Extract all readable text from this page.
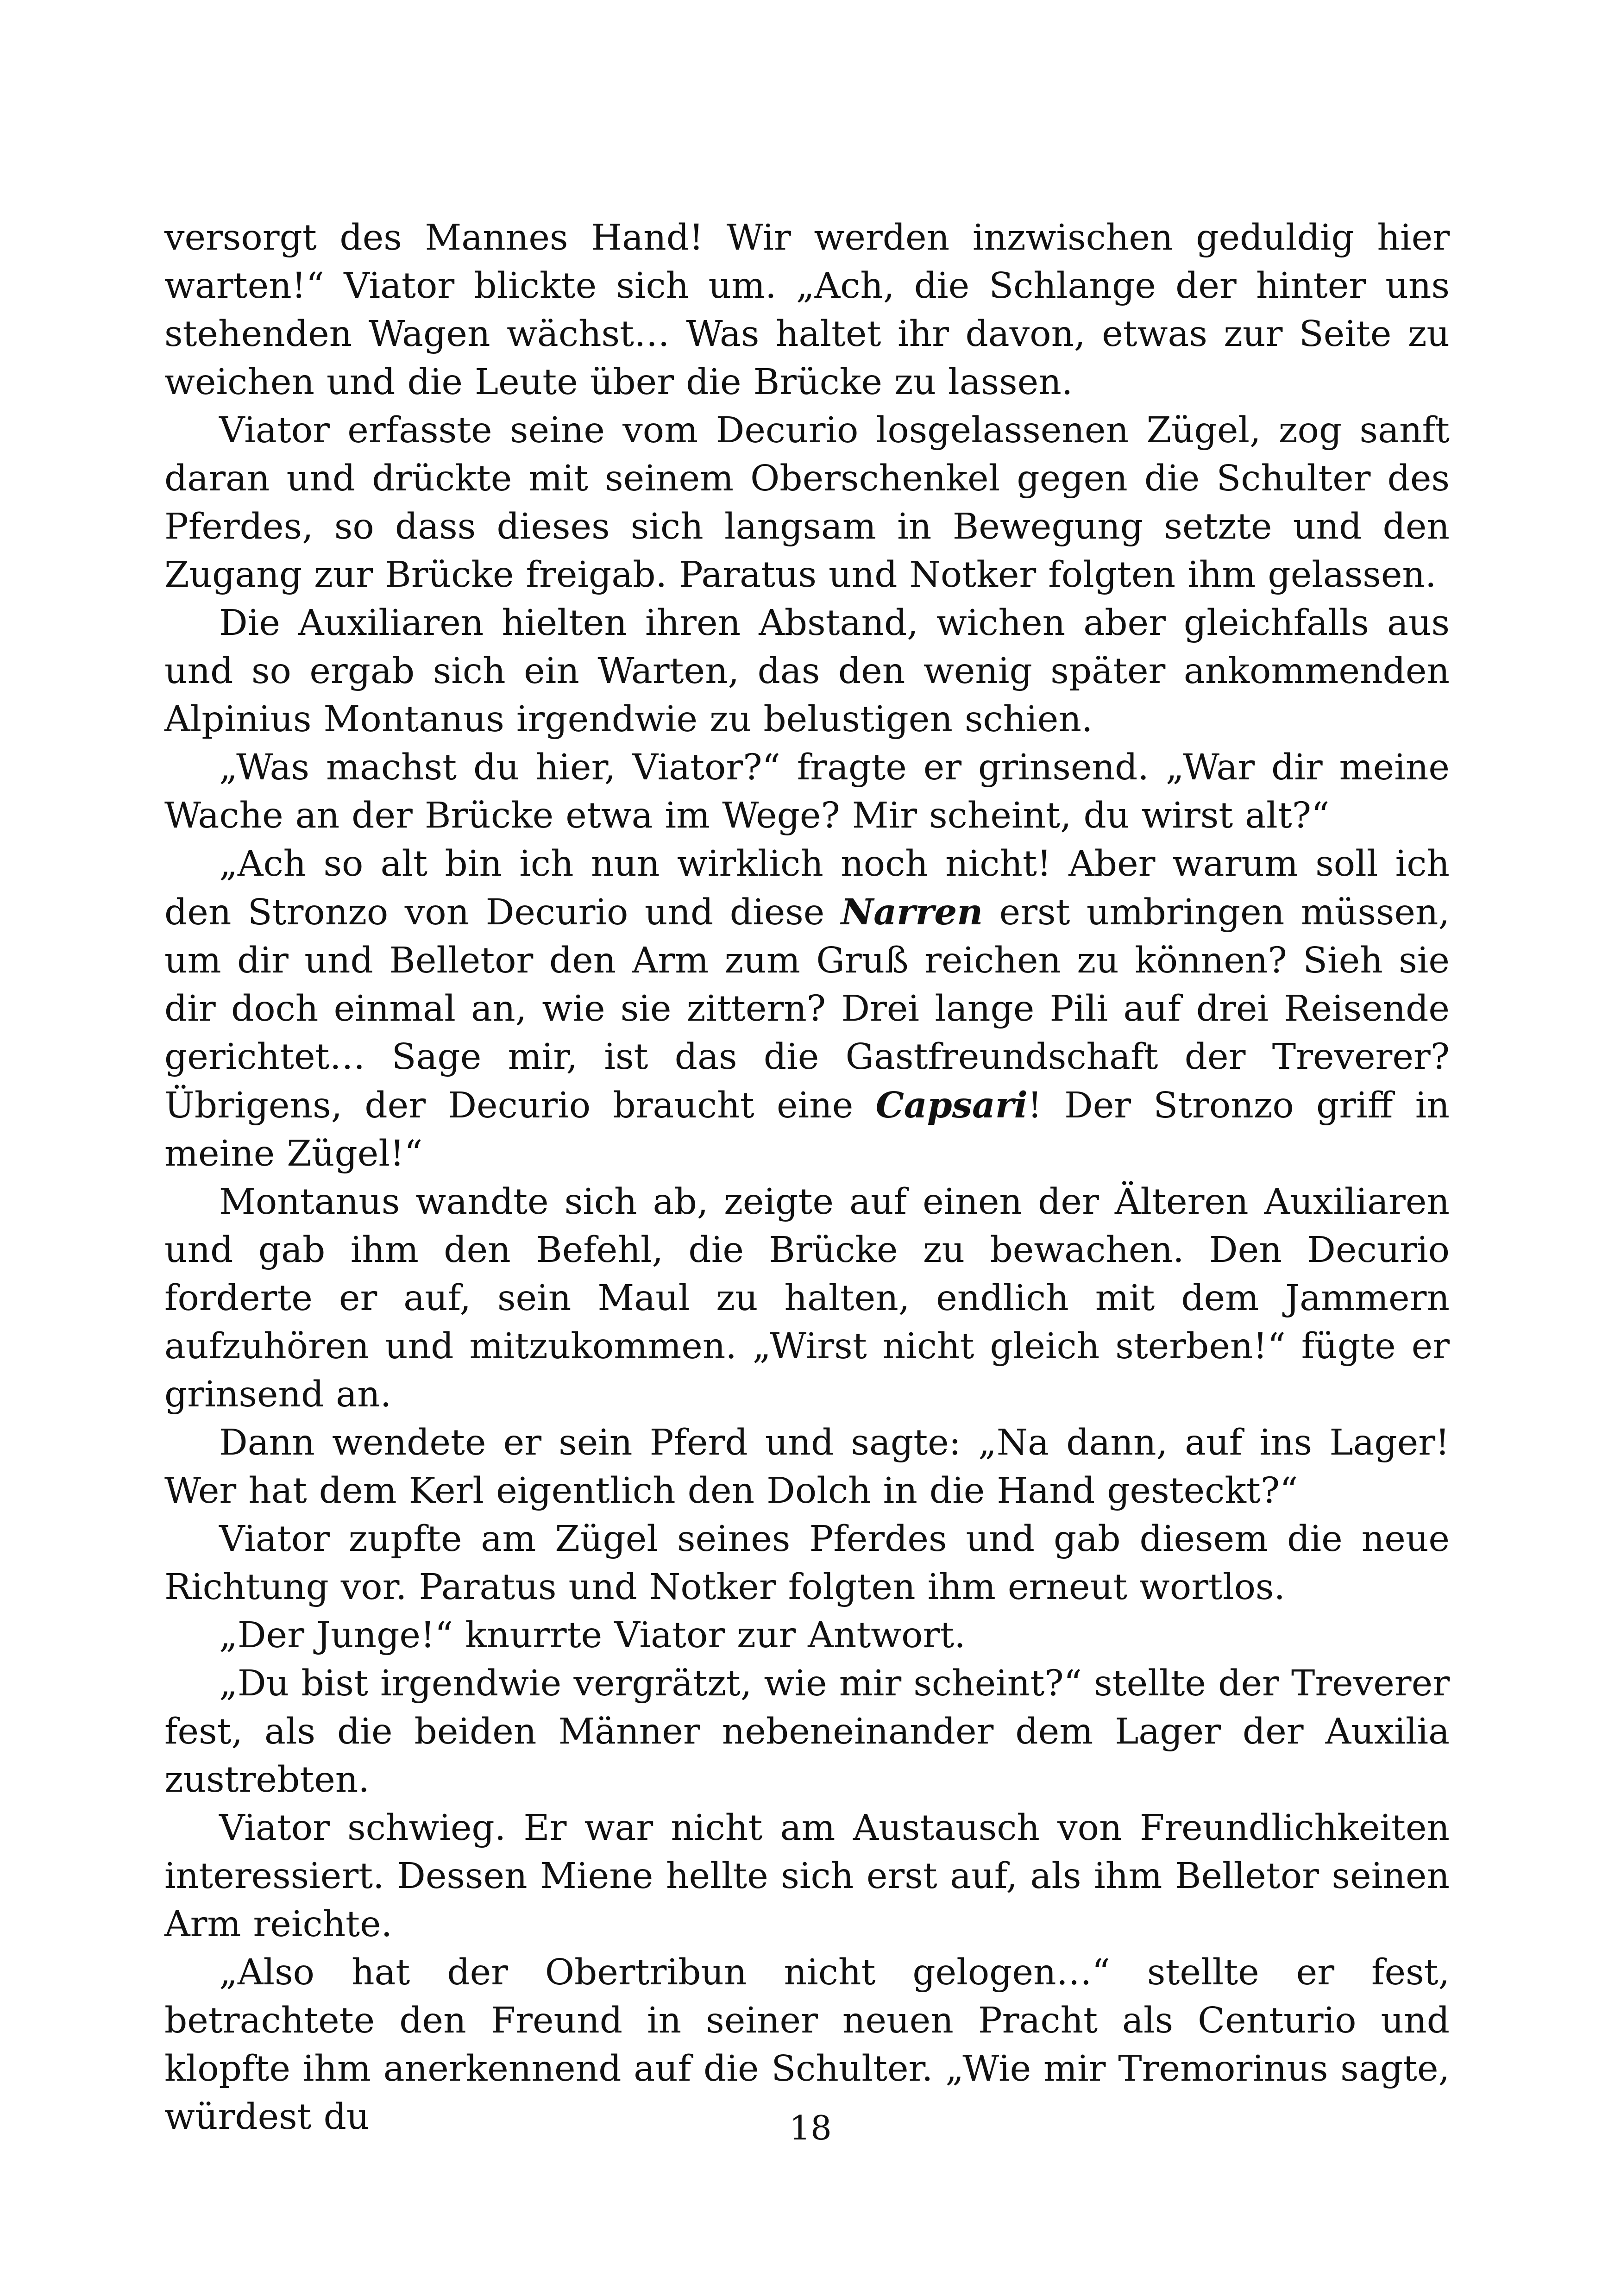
versorgt des Mannes Hand! Wir werden inzwischen geduldig hier warten!“ Viator blickte sich um. „Ach, die Schlange der hinter uns stehenden Wagen wächst… Was haltet ihr davon, etwas zur Seite zu weichen und die Leute über die Brücke zu lassen.

Viator erfasste seine vom Decurio losgelassenen Zügel, zog sanft daran und drückte mit seinem Oberschenkel gegen die Schulter des Pferdes, so dass dieses sich langsam in Bewegung setzte und den Zugang zur Brücke freigab. Paratus und Notker folgten ihm gelassen.

Die Auxiliaren hielten ihren Abstand, wichen aber gleichfalls aus und so ergab sich ein Warten, das den wenig später ankommenden Alpinius Montanus irgendwie zu belustigen schien.

„Was machst du hier, Viator?“ fragte er grinsend. „War dir meine Wache an der Brücke etwa im Wege? Mir scheint, du wirst alt?“

„Ach so alt bin ich nun wirklich noch nicht! Aber warum soll ich den Stronzo von Decurio und diese Narren erst umbringen müssen, um dir und Belletor den Arm zum Gruß reichen zu können? Sieh sie dir doch einmal an, wie sie zittern? Drei lange Pili auf drei Reisende gerichtet… Sage mir, ist das die Gastfreundschaft der Treverer? Übrigens, der Decurio braucht eine Capsari! Der Stronzo griff in meine Zügel!“

Montanus wandte sich ab, zeigte auf einen der Älteren Auxiliaren und gab ihm den Befehl, die Brücke zu bewachen. Den Decurio forderte er auf, sein Maul zu halten, endlich mit dem Jammern aufzuhören und mitzukommen. „Wirst nicht gleich sterben!“ fügte er grinsend an.

Dann wendete er sein Pferd und sagte: „Na dann, auf ins Lager! Wer hat dem Kerl eigentlich den Dolch in die Hand gesteckt?“

Viator zupfte am Zügel seines Pferdes und gab diesem die neue Richtung vor. Paratus und Notker folgten ihm erneut wortlos.

„Der Junge!“ knurrte Viator zur Antwort.

„Du bist irgendwie vergrätzt, wie mir scheint?“ stellte der Treverer fest, als die beiden Männer nebeneinander dem Lager der Auxilia zustrebten.

Viator schwieg. Er war nicht am Austausch von Freundlichkeiten interessiert. Dessen Miene hellte sich erst auf, als ihm Belletor seinen Arm reichte.

„Also hat der Obertribun nicht gelogen…“ stellte er fest, betrachtete den Freund in seiner neuen Pracht als Centurio und klopfte ihm anerkennend auf die Schulter. „Wie mir Tremorinus sagte, würdest du	18
